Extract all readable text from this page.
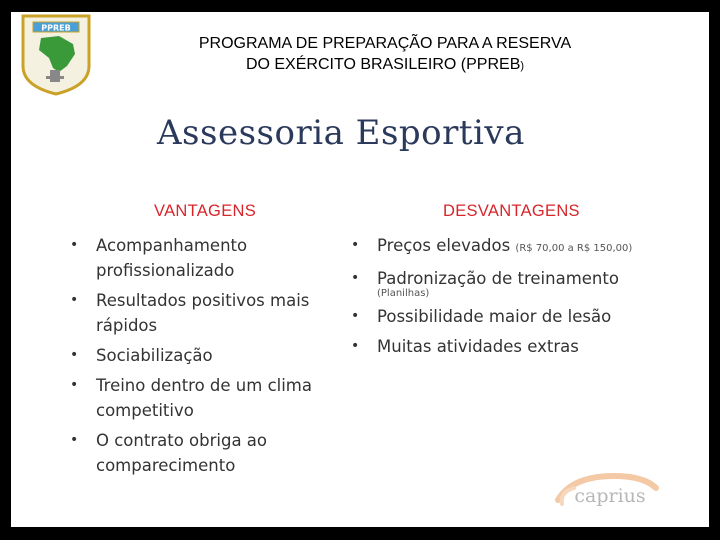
PPREB
PROGRAMA DE PREPARAÇÃO PARA A RESERVA
DO EXÉRCITO BRASILEIRO (PPREB)
Assessoria Esportiva
VANTAGENS	DESVANTAGENS
• Acompanhamento profissionalizado
• Resultados positivos mais rápidos
• Sociabilização
• Treino dentro de um clima competitivo
• O contrato obriga ao comparecimento
• Preços elevados (R$ 70,00 a R$ 150,00)
• Padronização de treinamento
(Planilhas)
• Possibilidade maior de lesão
• Muitas atividades extras
caprius
